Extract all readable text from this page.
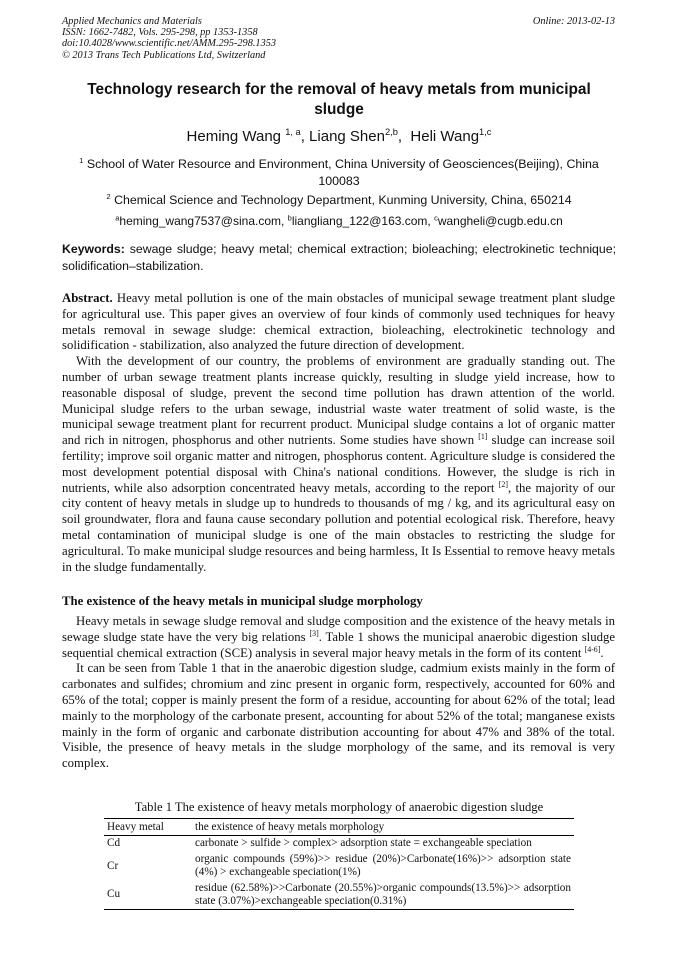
Applied Mechanics and Materials
ISSN: 1662-7482, Vols. 295-298, pp 1353-1358
doi:10.4028/www.scientific.net/AMM.295-298.1353
© 2013 Trans Tech Publications Ltd, Switzerland
Online: 2013-02-13
Technology research for the removal of heavy metals from municipal sludge
Heming Wang $^{1, a}$, Liang Shen$^{2,b}$,  Heli Wang$^{1,c}$
$^1$ School of Water Resource and Environment, China University of Geosciences(Beijing), China 100083
$^2$ Chemical Science and Technology Department, Kunming University, China, 650214
$^a$heming_wang7537@sina.com, $^b$liangliang_122@163.com, $^c$wangheli@cugb.edu.cn
Keywords: sewage sludge; heavy metal; chemical extraction; bioleaching; electrokinetic technique; solidification–stabilization.

Abstract. Heavy metal pollution is one of the main obstacles of municipal sewage treatment plant sludge for agricultural use. This paper gives an overview of four kinds of commonly used techniques for heavy metals removal in sewage sludge: chemical extraction, bioleaching, electrokinetic technology and solidification - stabilization, also analyzed the future direction of development.

With the development of our country, the problems of environment are gradually standing out. The number of urban sewage treatment plants increase quickly, resulting in sludge yield increase, how to reasonable disposal of sludge, prevent the second time pollution has drawn attention of the world. Municipal sludge refers to the urban sewage, industrial waste water treatment of solid waste, is the municipal sewage treatment plant for recurrent product. Municipal sludge contains a lot of organic matter and rich in nitrogen, phosphorus and other nutrients. Some studies have shown [1] sludge can increase soil fertility; improve soil organic matter and nitrogen, phosphorus content. Agriculture sludge is considered the most development potential disposal with China's national conditions. However, the sludge is rich in nutrients, while also adsorption concentrated heavy metals, according to the report [2], the majority of our city content of heavy metals in sludge up to hundreds to thousands of mg / kg, and its agricultural easy on soil groundwater, flora and fauna cause secondary pollution and potential ecological risk. Therefore, heavy metal contamination of municipal sludge is one of the main obstacles to restricting the sludge for agricultural. To make municipal sludge resources and being harmless, It Is Essential to remove heavy metals in the sludge fundamentally.

The existence of the heavy metals in municipal sludge morphology

Heavy metals in sewage sludge removal and sludge composition and the existence of the heavy metals in sewage sludge state have the very big relations [3]. Table 1 shows the municipal anaerobic digestion sludge sequential chemical extraction (SCE) analysis in several major heavy metals in the form of its content [4-6].

It can be seen from Table 1 that in the anaerobic digestion sludge, cadmium exists mainly in the form of carbonates and sulfides; chromium and zinc present in organic form, respectively, accounted for 60% and 65% of the total; copper is mainly present the form of a residue, accounting for about 62% of the total; lead mainly to the morphology of the carbonate present, accounting for about 52% of the total; manganese exists mainly in the form of organic and carbonate distribution accounting for about 47% and 38% of the total. Visible, the presence of heavy metals in the sludge morphology of the same, and its removal is very complex.

Table 1 The existence of heavy metals morphology of anaerobic digestion sludge
Heavy metal	the existence of heavy metals morphology
Cd	carbonate > sulfide > complex> adsorption state = exchangeable speciation
Cr	organic compounds (59%)>> residue (20%)>Carbonate(16%)>> adsorption state (4%) > exchangeable speciation(1%)
Cu	residue (62.58%)>>Carbonate (20.55%)>organic compounds(13.5%)>> adsorption state (3.07%)>exchangeable speciation(0.31%)
